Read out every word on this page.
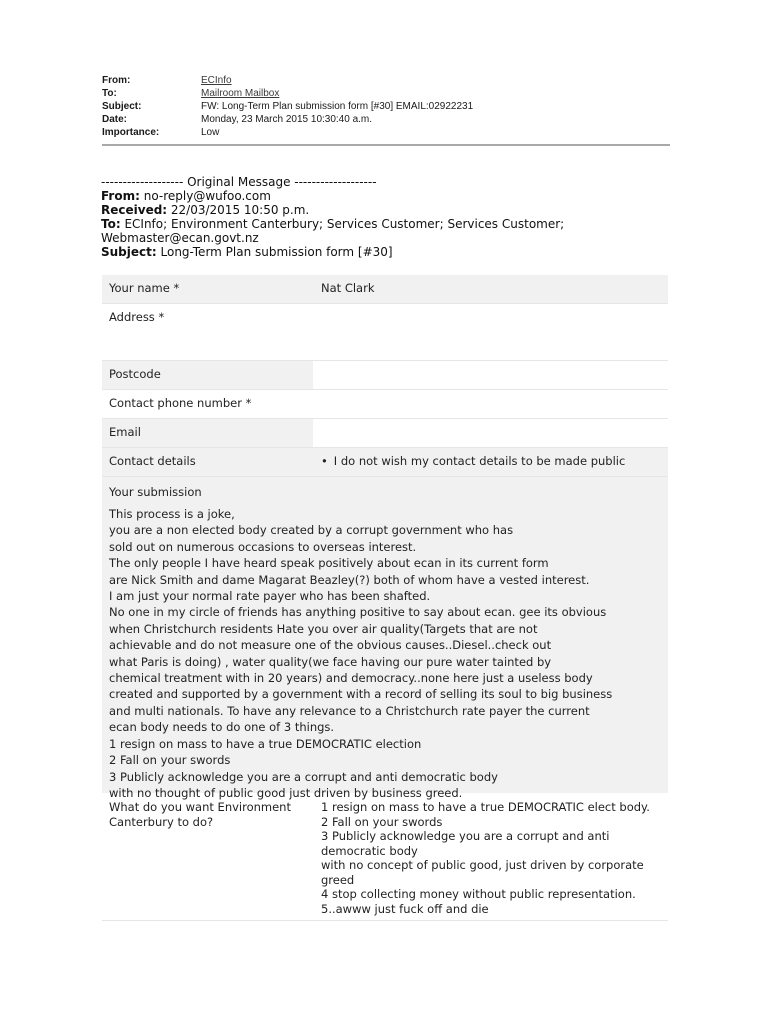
From:	ECInfo
To:	Mailroom Mailbox
Subject:	FW: Long-Term Plan submission form [#30] EMAIL:02922231
Date:	Monday, 23 March 2015 10:30:40 a.m.
Importance:	Low
------------------- Original Message -------------------
From: no-reply@wufoo.com
Received: 22/03/2015 10:50 p.m.
To: ECInfo; Environment Canterbury; Services Customer; Services Customer;
Webmaster@ecan.govt.nz
Subject: Long-Term Plan submission form [#30]
Your name *	Nat Clark
Address *
Postcode
Contact phone number *
Email
Contact details
•	I do not wish my contact details to be made public
Your submission
This process is a joke,
you are a non elected body created by a corrupt government who has
sold out on numerous occasions to overseas interest.
The only people I have heard speak positively about ecan in its current form
are Nick Smith and dame Magarat Beazley(?) both of whom have a vested interest.
I am just your normal rate payer who has been shafted.
No one in my circle of friends has anything positive to say about ecan. gee its obvious
when Christchurch residents Hate you over air quality(Targets that are not
achievable and do not measure one of the obvious causes..Diesel..check out
what Paris is doing) , water quality(we face having our pure water tainted by
chemical treatment with in 20 years) and democracy..none here just a useless body
created and supported by a government with a record of selling its soul to big business
and multi nationals. To have any relevance to a Christchurch rate payer the current
ecan body needs to do one of 3 things.
1 resign on mass to have a true DEMOCRATIC election
2 Fall on your swords
3 Publicly acknowledge you are a corrupt and anti democratic body
with no thought of public good just driven by business greed.
What do you want Environment
Canterbury to do?
1 resign on mass to have a true DEMOCRATIC elect body.
2 Fall on your swords
3 Publicly acknowledge you are a corrupt and anti
democratic body
with no concept of public good, just driven by corporate
greed
4 stop collecting money without public representation.
5..awww just fuck off and die
